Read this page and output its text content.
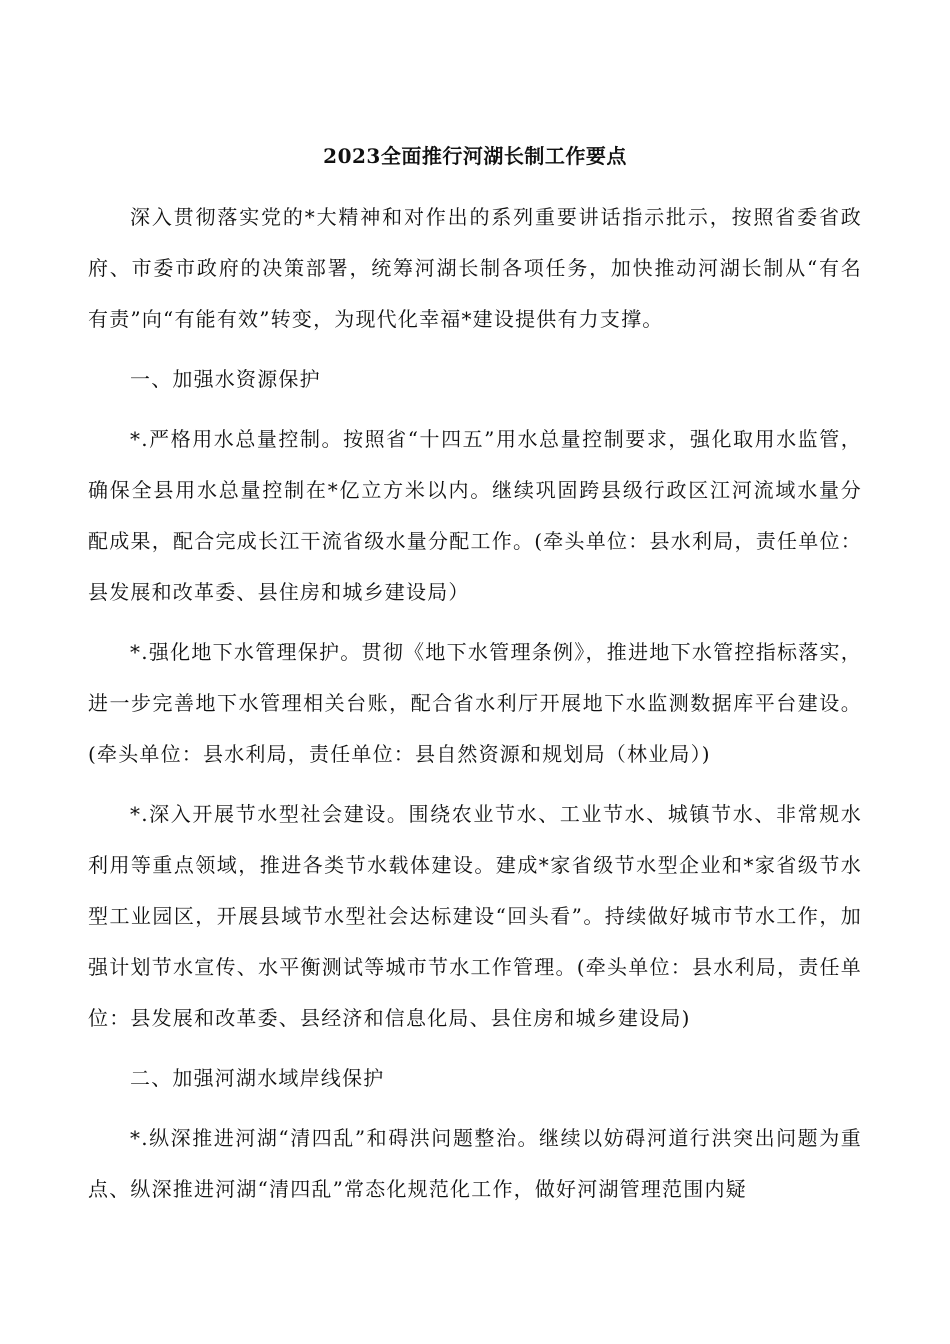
2023全面推行河湖长制工作要点

深入贯彻落实党的*大精神和对作出的系列重要讲话指示批示，按照省委省政府、市委市政府的决策部署，统筹河湖长制各项任务，加快推动河湖长制从“有名有责”向“有能有效”转变，为现代化幸福*建设提供有力支撑。

一、加强水资源保护

*.严格用水总量控制。按照省“十四五”用水总量控制要求，强化取用水监管，确保全县用水总量控制在*亿立方米以内。继续巩固跨县级行政区江河流域水量分配成果，配合完成长江干流省级水量分配工作。(牵头单位：县水利局，责任单位：县发展和改革委、县住房和城乡建设局）

*.强化地下水管理保护。贯彻《地下水管理条例》，推进地下水管控指标落实，进一步完善地下水管理相关台账，配合省水利厅开展地下水监测数据库平台建设。(牵头单位：县水利局，责任单位：县自然资源和规划局（林业局）)

*.深入开展节水型社会建设。围绕农业节水、工业节水、城镇节水、非常规水利用等重点领域，推进各类节水载体建设。建成*家省级节水型企业和*家省级节水型工业园区，开展县域节水型社会达标建设“回头看”。持续做好城市节水工作，加强计划节水宣传、水平衡测试等城市节水工作管理。(牵头单位：县水利局，责任单位：县发展和改革委、县经济和信息化局、县住房和城乡建设局)

二、加强河湖水域岸线保护

*.纵深推进河湖“清四乱”和碍洪问题整治。继续以妨碍河道行洪突出问题为重点、纵深推进河湖“清四乱”常态化规范化工作，做好河湖管理范围内疑
